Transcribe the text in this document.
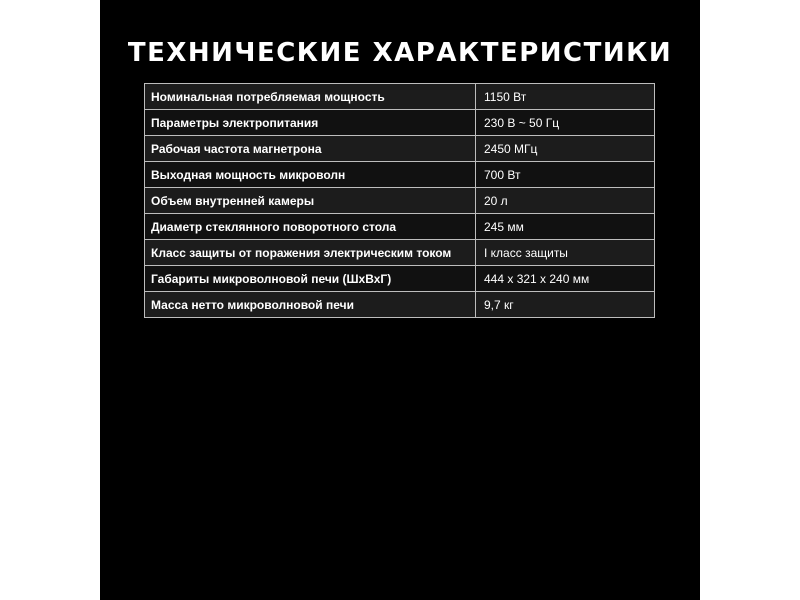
ТЕХНИЧЕСКИЕ ХАРАКТЕРИСТИКИ
Номинальная потребляемая мощность	1150 Вт
Параметры электропитания	230 В ~ 50 Гц
Рабочая частота магнетрона	2450 МГц
Выходная мощность микроволн	700 Вт
Объем внутренней камеры	20 л
Диаметр стеклянного поворотного стола	245 мм
Класс защиты от поражения электрическим током	I класс защиты
Габариты микроволновой печи (ШхВхГ)	444 х 321 х 240 мм
Масса нетто микроволновой печи	9,7 кг
